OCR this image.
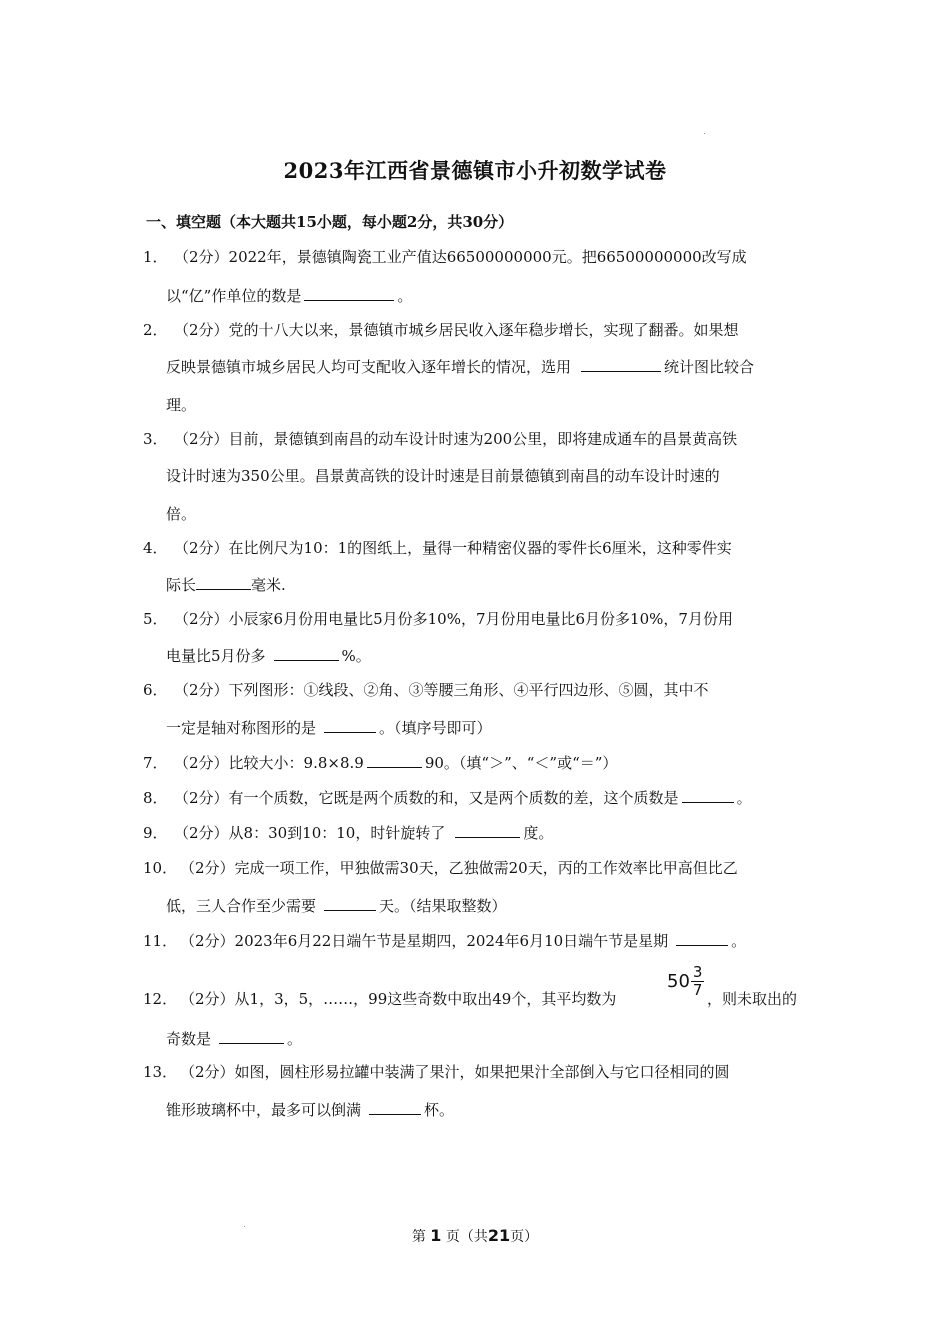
2023年江西省景德镇市小升初数学试卷
一、填空题（本大题共15小题，每小题2分，共30分）
1． （2分）2022年，景德镇陶瓷工业产值达66500000000元。把66500000000改写成
以“亿”作单位的数是	。
2． （2分）党的十八大以来，景德镇市城乡居民收入逐年稳步增长，实现了翻番。如果想
反映景德镇市城乡居民人均可支配收入逐年增长的情况，选用	统计图比较合
理。
3． （2分）目前，景德镇到南昌的动车设计时速为200公里，即将建成通车的昌景黄高铁
设计时速为350公里。昌景黄高铁的设计时速是目前景德镇到南昌的动车设计时速的
倍。
4． （2分）在比例尺为10：1的图纸上，量得一种精密仪器的零件长6厘米，这种零件实
际长	毫米.
5． （2分）小辰家6月份用电量比5月份多10%，7月份用电量比6月份多10%，7月份用
电量比5月份多	%。
6． （2分）下列图形：①线段、②角、③等腰三角形、④平行四边形、⑤圆，其中不
一定是轴对称图形的是	。（填序号即可）
7． （2分）比较大小：9.8×8.9	90。（填“＞”、“＜”或“＝”）
8． （2分）有一个质数，它既是两个质数的和，又是两个质数的差，这个质数是	。
9． （2分）从8：30到10：10，时针旋转了	度。
10． （2分）完成一项工作，甲独做需30天，乙独做需20天，丙的工作效率比甲高但比乙
低，三人合作至少需要	天。（结果取整数）
11． （2分）2023年6月22日端午节是星期四，2024年6月10日端午节是星期	。
12． （2分）从1，3，5，……，99这些奇数中取出49个，其平均数为
$50 \frac{3}{7}$ ，则未取出的
奇数是	。
13． （2分）如图，圆柱形易拉罐中装满了果汁，如果把果汁全部倒入与它口径相同的圆
锥形玻璃杯中，最多可以倒满	杯。
第 1 页（共21页）
